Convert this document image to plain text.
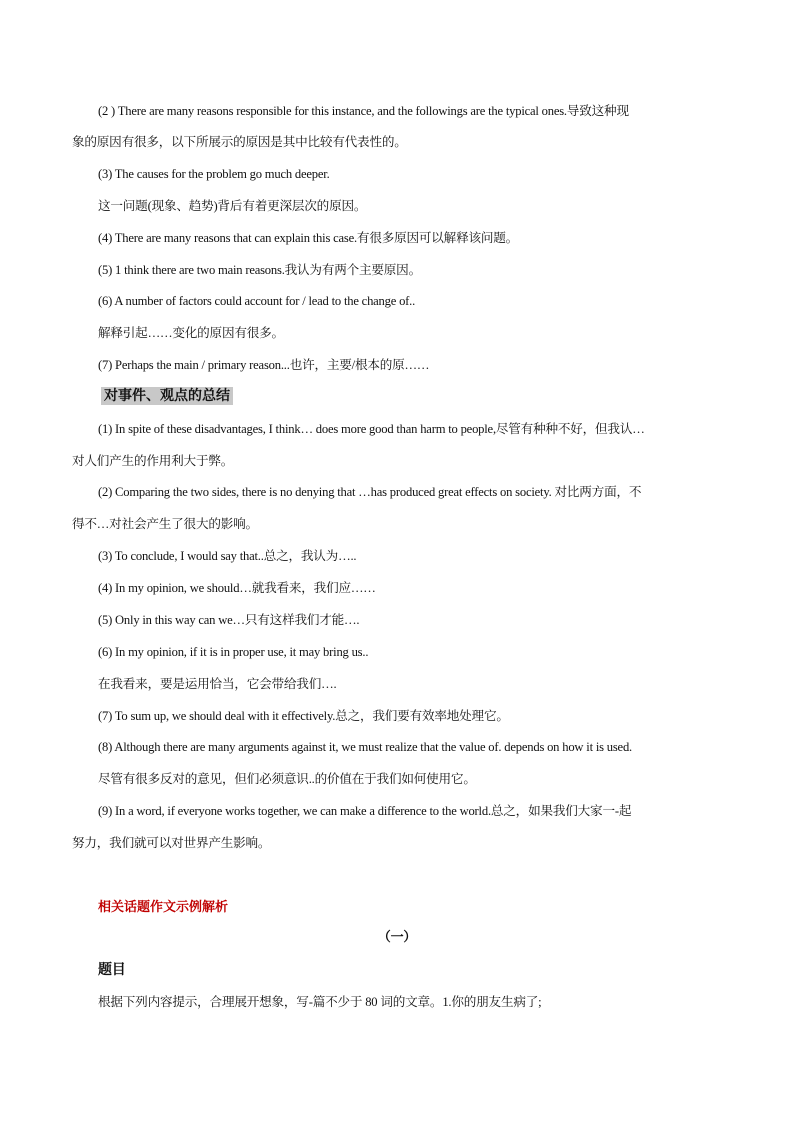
(2 ) There are many reasons responsible for this instance, and the followings are the typical ones.导致这种现
象的原因有很多，以下所展示的原因是其中比较有代表性的。
(3) The causes for the problem go much deeper.
这一问题(现象、趋势)背后有着更深层次的原因。
(4) There are many reasons that can explain this case.有很多原因可以解释该问题。
(5) 1 think there are two main reasons.我认为有两个主要原因。
(6) A number of factors could account for / lead to the change of..
解释引起……变化的原因有很多。
(7) Perhaps the main / primary reason...也许，主要/根本的原……
对事件、观点的总结
(1) In spite of these disadvantages, I think… does more good than harm to people,尽管有种种不好，但我认…
对人们产生的作用利大于弊。
(2) Comparing the two sides, there is no denying that …has produced great effects on society. 对比两方面，不
得不…对社会产生了很大的影响。
(3) To conclude, I would say that..总之，我认为…..
(4) In my opinion, we should…就我看来，我们应……
(5) Only in this way can we…只有这样我们才能….
(6) In my opinion, if it is in proper use, it may bring us..
在我看来，要是运用恰当，它会带给我们….
(7) To sum up, we should deal with it effectively.总之，我们要有效率地处理它。
(8) Although there are many arguments against it, we must realize that the value of. depends on how it is used.
尽管有很多反对的意见，但们必须意识..的价值在于我们如何使用它。
(9) In a word, if everyone works together, we can make a difference to the world.总之，如果我们大家一-起
努力，我们就可以对世界产生影响。
相关话题作文示例解析
（一）
题目
根据下列内容提示，合理展开想象，写-篇不少于 80 词的文章。1.你的朋友生病了;
